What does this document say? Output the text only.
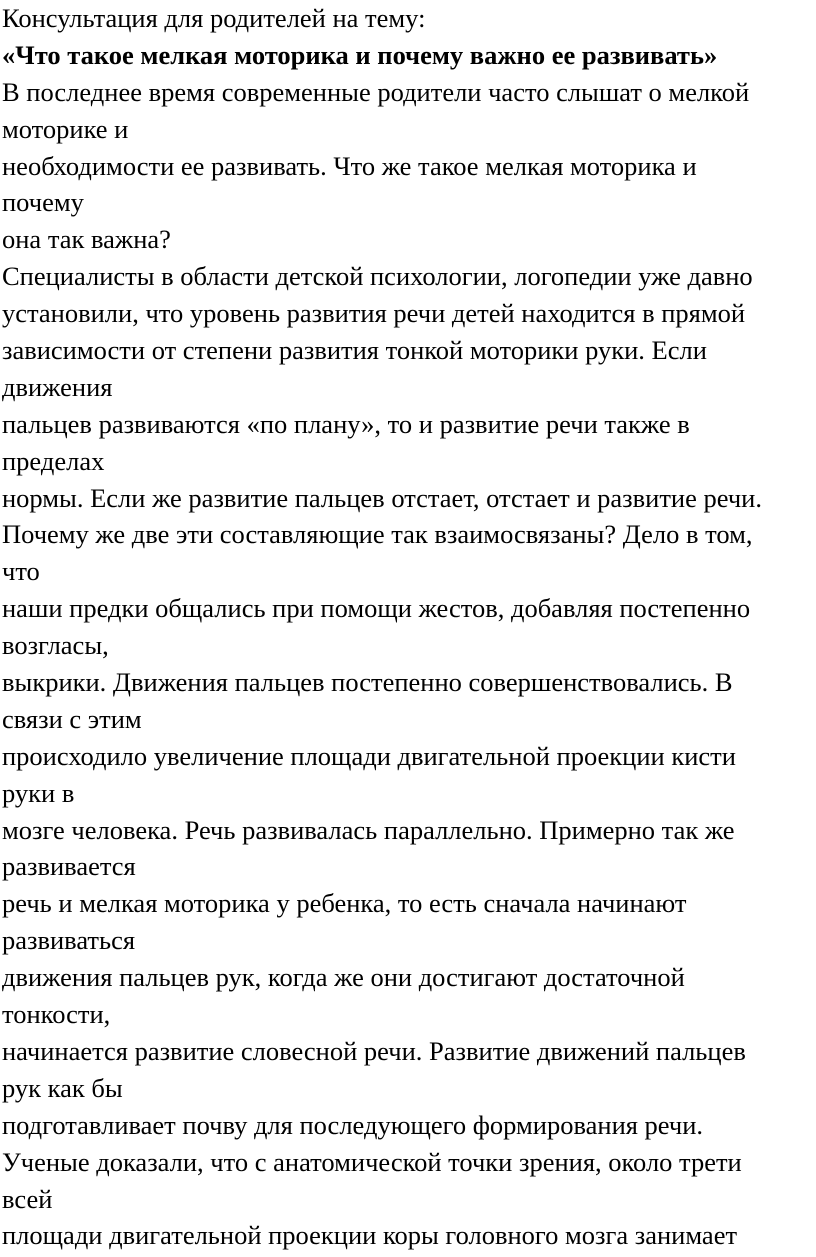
Консультация для родителей на тему:
«Что такое мелкая моторика и почему важно ее развивать»
В последнее время современные родители часто слышат о мелкой
моторике и
необходимости ее развивать. Что же такое мелкая моторика и
почему
она так важна?
Специалисты в области детской психологии, логопедии уже давно
установили, что уровень развития речи детей находится в прямой
зависимости от степени развития тонкой моторики руки. Если
движения
пальцев развиваются «по плану», то и развитие речи также в
пределах
нормы. Если же развитие пальцев отстает, отстает и развитие речи.
Почему же две эти составляющие так взаимосвязаны? Дело в том,
что
наши предки общались при помощи жестов, добавляя постепенно
возгласы,
выкрики. Движения пальцев постепенно совершенствовались. В
связи с этим
происходило увеличение площади двигательной проекции кисти
руки в
мозге человека. Речь развивалась параллельно. Примерно так же
развивается
речь и мелкая моторика у ребенка, то есть сначала начинают
развиваться
движения пальцев рук, когда же они достигают достаточной
тонкости,
начинается развитие словесной речи. Развитие движений пальцев
рук как бы
подготавливает почву для последующего формирования речи.
Ученые доказали, что с анатомической точки зрения, около трети
всей
площади двигательной проекции коры головного мозга занимает
